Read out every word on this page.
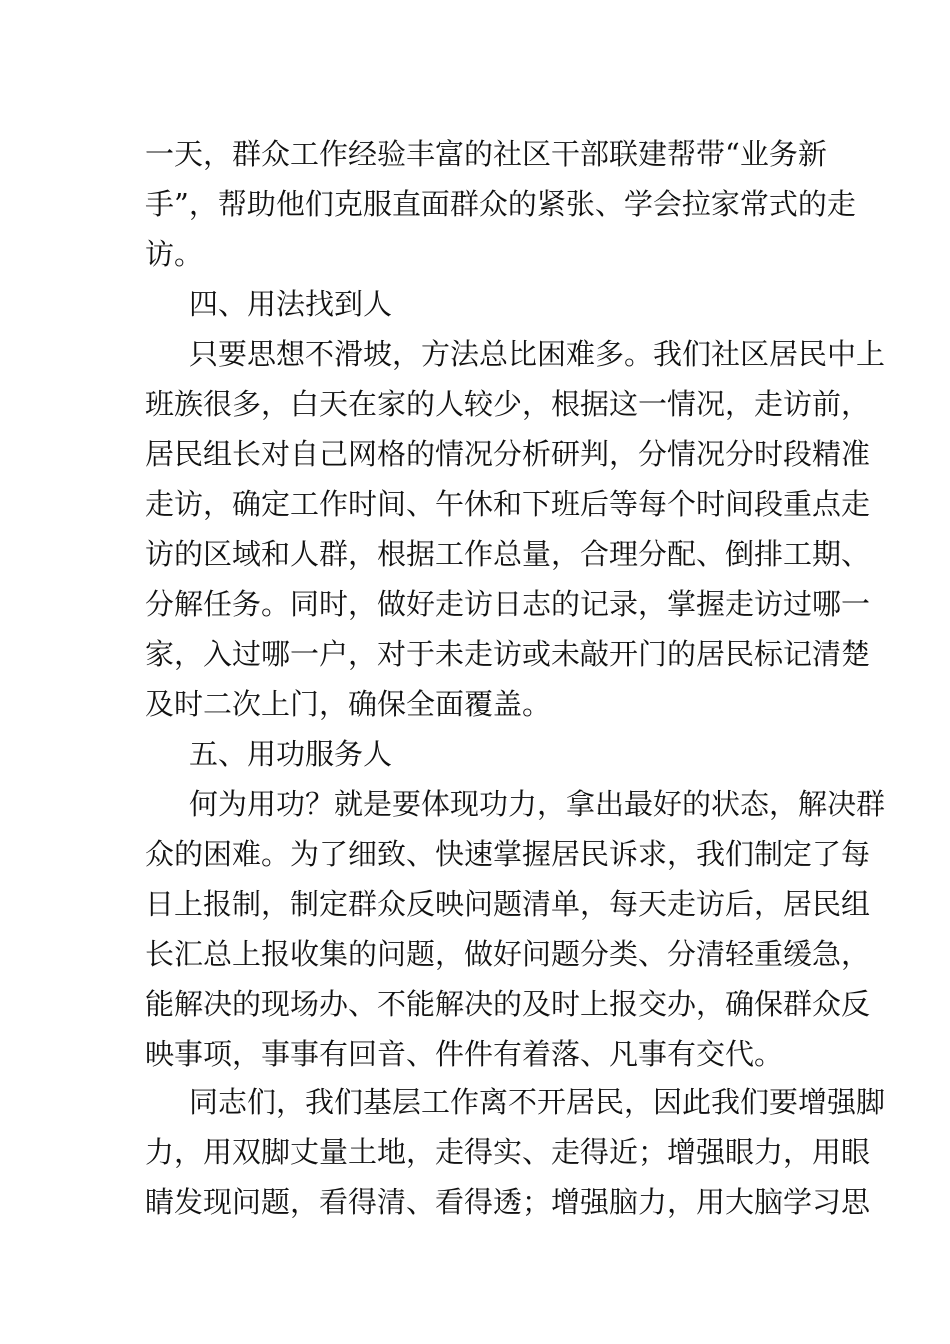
一天，群众工作经验丰富的社区干部联建帮带“业务新
手”，帮助他们克服直面群众的紧张、学会拉家常式的走
访。
四、用法找到人
只要思想不滑坡，方法总比困难多。我们社区居民中上
班族很多，白天在家的人较少，根据这一情况，走访前，
居民组长对自己网格的情况分析研判，分情况分时段精准
走访，确定工作时间、午休和下班后等每个时间段重点走
访的区域和人群，根据工作总量，合理分配、倒排工期、
分解任务。同时，做好走访日志的记录，掌握走访过哪一
家，入过哪一户，对于未走访或未敲开门的居民标记清楚
及时二次上门，确保全面覆盖。
五、用功服务人
何为用功？就是要体现功力，拿出最好的状态，解决群
众的困难。为了细致、快速掌握居民诉求，我们制定了每
日上报制，制定群众反映问题清单，每天走访后，居民组
长汇总上报收集的问题，做好问题分类、分清轻重缓急，
能解决的现场办、不能解决的及时上报交办，确保群众反
映事项，事事有回音、件件有着落、凡事有交代。
同志们，我们基层工作离不开居民，因此我们要增强脚
力，用双脚丈量土地，走得实、走得近；增强眼力，用眼
睛发现问题，看得清、看得透；增强脑力，用大脑学习思
